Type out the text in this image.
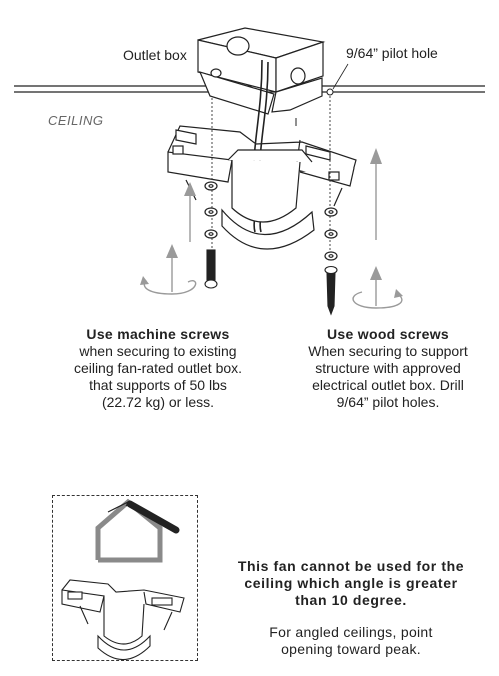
Outlet box	9/64” pilot hole
CEILING
Use machine screws
when securing to existing
ceiling fan-rated outlet box.
that supports of 50 lbs
(22.72 kg) or less.
Use wood screws
When securing to support
structure with approved
electrical outlet box. Drill
9/64” pilot holes.
This fan cannot be used for the
ceiling which angle is greater
than 10 degree.
For angled ceilings, point
opening toward peak.
